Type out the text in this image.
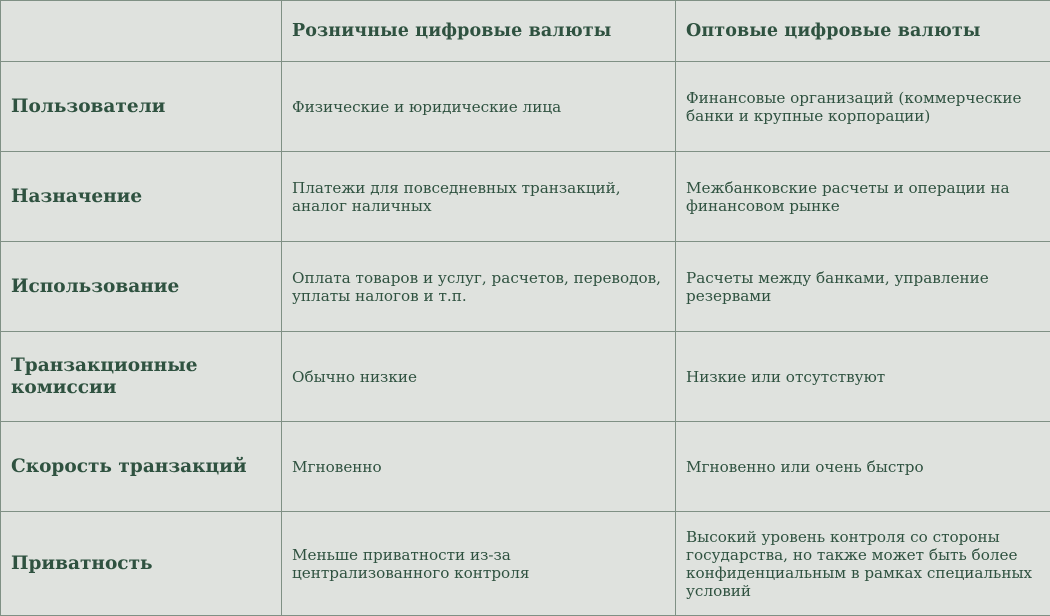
	Розничные цифровые валюты	Оптовые цифровые валюты
Пользователи	Физические и юридические лица	Финансовые организаций (коммерческие банки и крупные корпорации)
Назначение	Платежи для повседневных транзакций, аналог наличных	Межбанковские расчеты и операции на финансовом рынке
Использование	Оплата товаров и услуг, расчетов, переводов, уплаты налогов и т.п.	Расчеты между банками, управление резервами
Транзакционные комиссии	Обычно низкие	Низкие или отсутствуют
Скорость транзакций	Мгновенно	Мгновенно или очень быстро
Приватность	Меньше приватности из-за централизованного контроля	Высокий уровень контроля со стороны государства, но также может быть более конфиденциальным в рамках специальных условий
